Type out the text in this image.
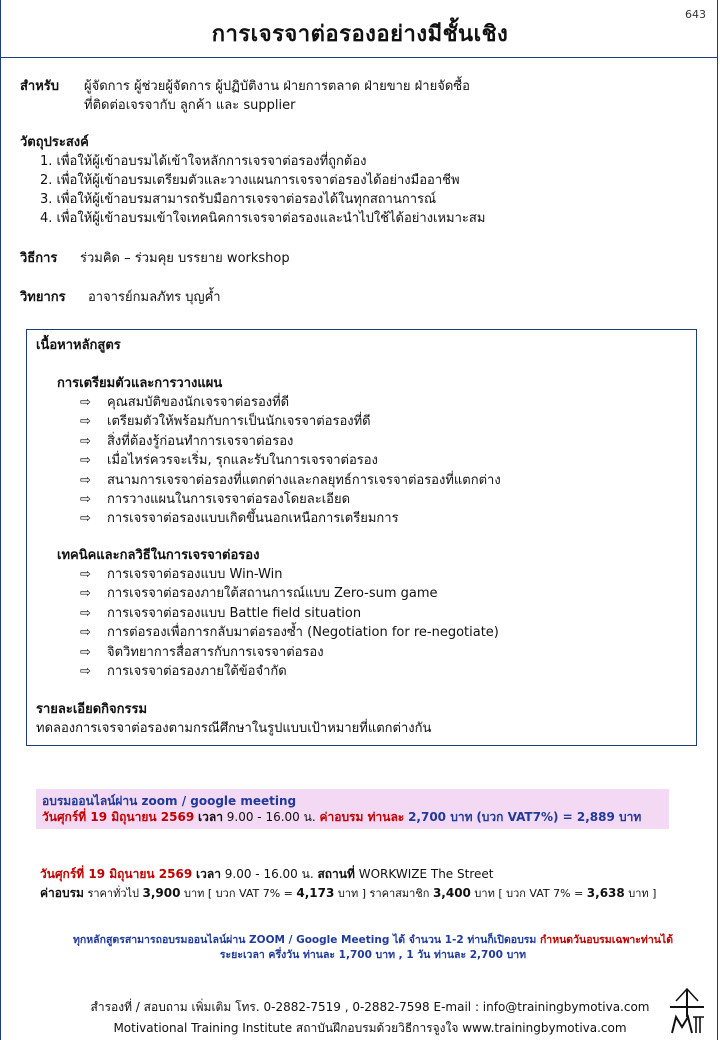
643
การเจรจาต่อรองอย่างมีชั้นเชิง
สำหรับ ผู้จัดการ ผู้ช่วยผู้จัดการ ผู้ปฏิบัติงาน ฝ่ายการตลาด ฝ่ายขาย ฝ่ายจัดซื้อ
ที่ติดต่อเจรจากับ ลูกค้า และ supplier
วัตถุประสงค์
1. เพื่อให้ผู้เข้าอบรมได้เข้าใจหลักการเจรจาต่อรองที่ถูกต้อง
2. เพื่อให้ผู้เข้าอบรมเตรียมตัวและวางแผนการเจรจาต่อรองได้อย่างมืออาชีพ
3. เพื่อให้ผู้เข้าอบรมสามารถรับมือการเจรจาต่อรองได้ในทุกสถานการณ์
4. เพื่อให้ผู้เข้าอบรมเข้าใจเทคนิคการเจรจาต่อรองและนำไปใช้ได้อย่างเหมาะสม
วิธีการ ร่วมคิด – ร่วมคุย บรรยาย workshop
วิทยากร อาจารย์กมลภัทร บุญค้ำ
เนื้อหาหลักสูตร
การเตรียมตัวและการวางแผน
⇨ คุณสมบัติของนักเจรจาต่อรองที่ดี
⇨ เตรียมตัวให้พร้อมกับการเป็นนักเจรจาต่อรองที่ดี
⇨ สิ่งที่ต้องรู้ก่อนทำการเจรจาต่อรอง
⇨ เมื่อไหร่ควรจะเริ่ม, รุกและรับในการเจรจาต่อรอง
⇨ สนามการเจรจาต่อรองที่แตกต่างและกลยุทธ์การเจรจาต่อรองที่แตกต่าง
⇨ การวางแผนในการเจรจาต่อรองโดยละเอียด
⇨ การเจรจาต่อรองแบบเกิดขึ้นนอกเหนือการเตรียมการ
เทคนิคและกลวิธีในการเจรจาต่อรอง
⇨ การเจรจาต่อรองแบบ Win-Win
⇨ การเจรจาต่อรองภายใต้สถานการณ์แบบ Zero-sum game
⇨ การเจรจาต่อรองแบบ Battle field situation
⇨ การต่อรองเพื่อการกลับมาต่อรองซ้ำ (Negotiation for re-negotiate)
⇨ จิตวิทยาการสื่อสารกับการเจรจาต่อรอง
⇨ การเจรจาต่อรองภายใต้ข้อจำกัด
รายละเอียดกิจกรรม
ทดลองการเจรจาต่อรองตามกรณีศึกษาในรูปแบบเป้าหมายที่แตกต่างกัน
อบรมออนไลน์ผ่าน zoom / google meeting
วันศุกร์ที่ 19 มิถุนายน 2569 เวลา 9.00 - 16.00 น. ค่าอบรม ท่านละ 2,700 บาท (บวก VAT7%) = 2,889 บาท
วันศุกร์ที่ 19 มิถุนายน 2569 เวลา 9.00 - 16.00 น. สถานที่ WORKWIZE The Street
ค่าอบรม ราคาทั่วไป 3,900 บาท [ บวก VAT 7% = 4,173 บาท ] ราคาสมาชิก 3,400 บาท [ บวก VAT 7% = 3,638 บาท ]
ทุกหลักสูตรสามารถอบรมออนไลน์ผ่าน ZOOM / Google Meeting ได้ จำนวน 1-2 ท่านก็เปิดอบรม กำหนดวันอบรมเฉพาะท่านได้
ระยะเวลา ครึ่งวัน ท่านละ 1,700 บาท , 1 วัน ท่านละ 2,700 บาท
สำรองที่ / สอบถาม เพิ่มเติม โทร. 0-2882-7519 , 0-2882-7598 E-mail : info@trainingbymotiva.com
Motivational Training Institute สถาบันฝึกอบรมด้วยวิธีการจูงใจ www.trainingbymotiva.com
